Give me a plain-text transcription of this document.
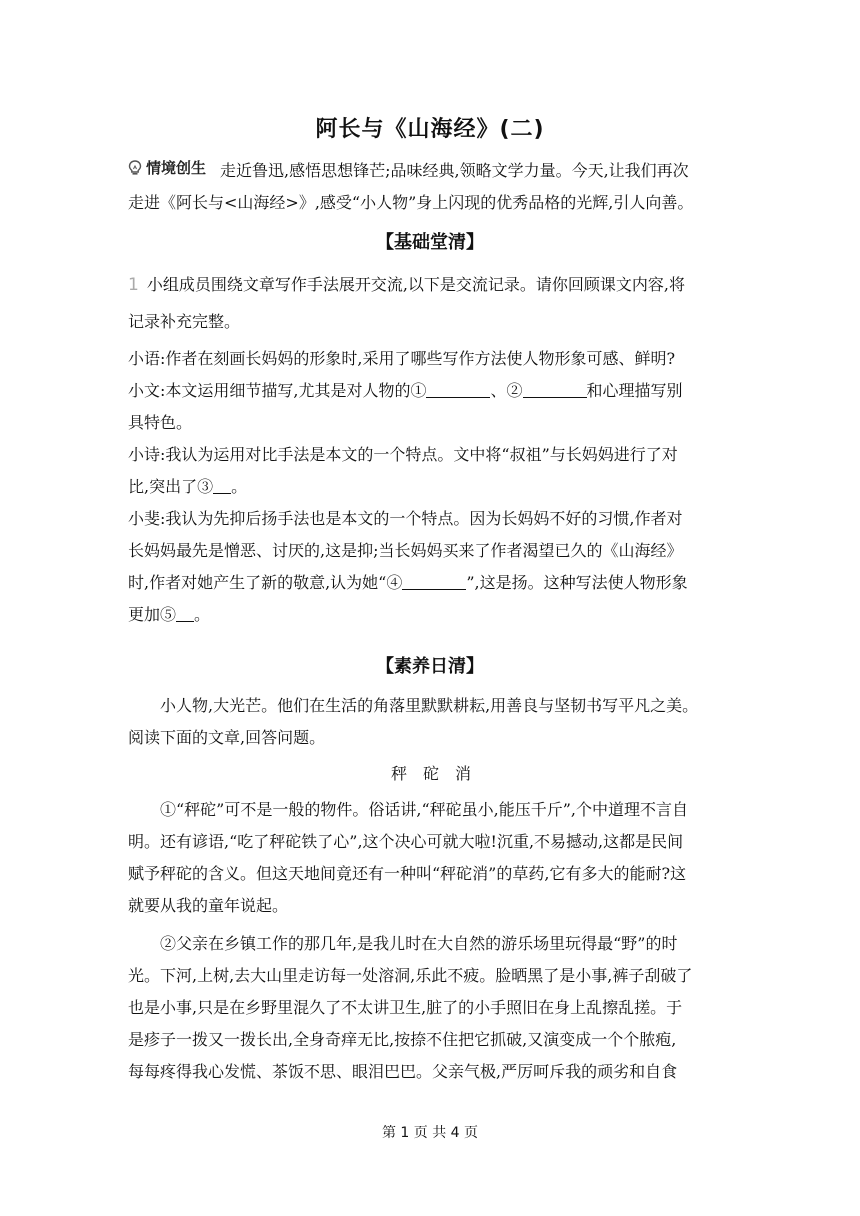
阿长与《山海经》(二)
情境创生 走近鲁迅,感悟思想锋芒;品味经典,领略文学力量。今天,让我们再次
走进《阿长与<山海经>》,感受“小人物”身上闪现的优秀品格的光辉,引人向善。
【基础堂清】
1 小组成员围绕文章写作手法展开交流,以下是交流记录。请你回顾课文内容,将
记录补充完整。
小语:作者在刻画长妈妈的形象时,采用了哪些写作方法使人物形象可感、鲜明?
小文:本文运用细节描写,尤其是对人物的①	、②	和心理描写别
具特色。
小诗:我认为运用对比手法是本文的一个特点。文中将“叔祖”与长妈妈进行了对
比,突出了③ 。
小斐:我认为先抑后扬手法也是本文的一个特点。因为长妈妈不好的习惯,作者对
长妈妈最先是憎恶、讨厌的,这是抑;当长妈妈买来了作者渴望已久的《山海经》
时,作者对她产生了新的敬意,认为她“④	”,这是扬。这种写法使人物形象
更加⑤ 。
【素养日清】
小人物,大光芒。他们在生活的角落里默默耕耘,用善良与坚韧书写平凡之美。
阅读下面的文章,回答问题。
秤砣消
①“秤砣”可不是一般的物件。俗话讲,“秤砣虽小,能压千斤”,个中道理不言自
明。还有谚语,“吃了秤砣铁了心”,这个决心可就大啦!沉重,不易撼动,这都是民间
赋予秤砣的含义。但这天地间竟还有一种叫“秤砣消”的草药,它有多大的能耐?这
就要从我的童年说起。
②父亲在乡镇工作的那几年,是我儿时在大自然的游乐场里玩得最“野”的时
光。下河,上树,去大山里走访每一处溶洞,乐此不疲。脸晒黑了是小事,裤子刮破了
也是小事,只是在乡野里混久了不太讲卫生,脏了的小手照旧在身上乱擦乱搓。于
是疹子一拨又一拨长出,全身奇痒无比,按捺不住把它抓破,又演变成一个个脓疱,
每每疼得我心发慌、茶饭不思、眼泪巴巴。父亲气极,严厉呵斥我的顽劣和自食
第 1 页 共 4 页
